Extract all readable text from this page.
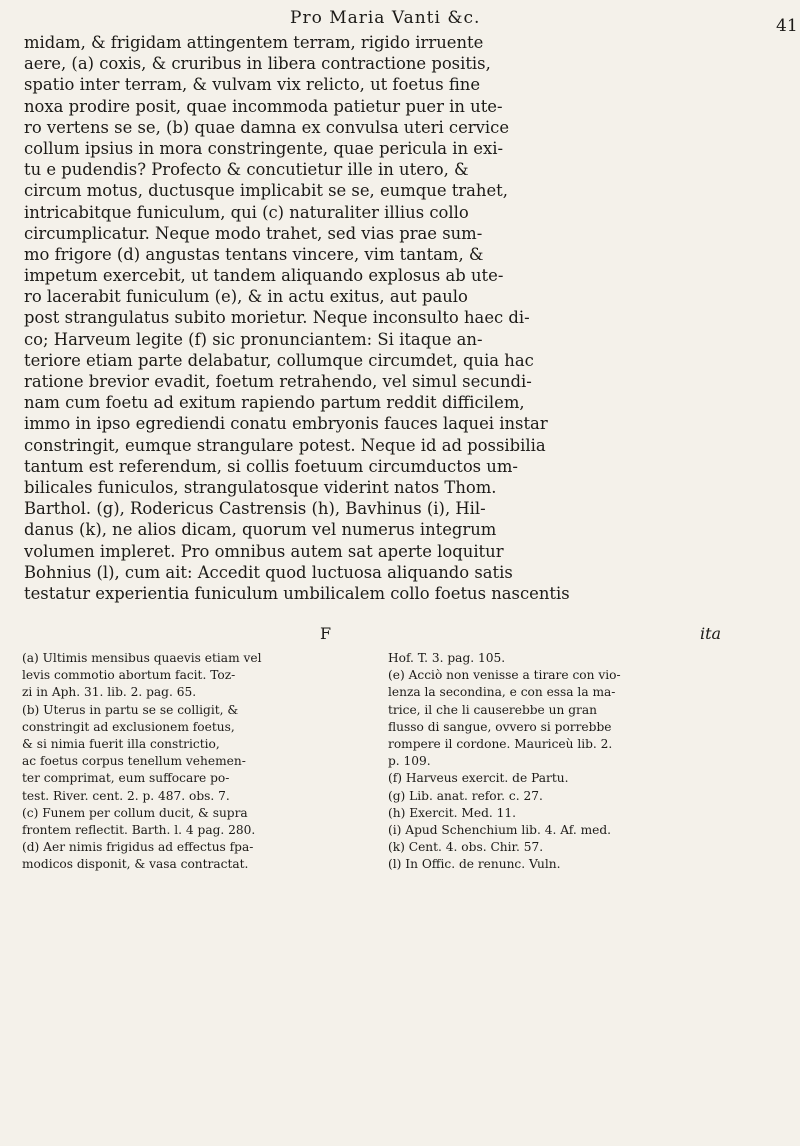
Pro Maria Vanti &c.	41
midam, & frigidam attingentem terram, rigido irruente
aere, (a) coxis, & cruribus in libera contractione positis,
spatio inter terram, & vulvam vix relicto, ut foetus fine
noxa prodire posit, quae incommoda patietur puer in ute-
ro vertens se se, (b) quae damna ex convulsa uteri cervice
collum ipsius in mora constringente, quae pericula in exi-
tu e pudendis? Profecto & concutietur ille in utero, &
circum motus, ductusque implicabit se se, eumque trahet,
intricabitque funiculum, qui (c) naturaliter illius collo
circumplicatur. Neque modo trahet, sed vias prae sum-
mo frigore (d) angustas tentans vincere, vim tantam, &
impetum exercebit, ut tandem aliquando explosus ab ute-
ro lacerabit funiculum (e), & in actu exitus, aut paulo
post strangulatus subito morietur. Neque inconsulto haec di-
co; Harveum legite (f) sic pronunciantem: Si itaque an-
teriore etiam parte delabatur, collumque circumdet, quia hac
ratione brevior evadit, foetum retrahendo, vel simul secundi-
nam cum foetu ad exitum rapiendo partum reddit difficilem,
immo in ipso egrediendi conatu embryonis fauces laquei instar
constringit, eumque strangulare potest. Neque id ad possibilia
tantum est referendum, si collis foetuum circumductos um-
bilicales funiculos, strangulatosque viderint natos Thom.
Barthol. (g), Rodericus Castrensis (h), Bavhinus (i), Hil-
danus (k), ne alios dicam, quorum vel numerus integrum
volumen impleret. Pro omnibus autem sat aperte loquitur
Bohnius (l), cum ait: Accedit quod luctuosa aliquando satis
testatur experientia funiculum umbilicalem collo foetus nascentis
F	ita
(a) Ultimis mensibus quaevis etiam vel
levis commotio abortum facit. Toz-
zi in Aph. 31. lib. 2. pag. 65.
(b) Uterus in partu se se colligit, &
constringit ad exclusionem foetus,
& si nimia fuerit illa constrictio,
ac foetus corpus tenellum vehemen-
ter comprimat, eum suffocare po-
test. River. cent. 2. p. 487. obs. 7.
(c) Funem per collum ducit, & supra
frontem reflectit. Barth. l. 4 pag. 280.
(d) Aer nimis frigidus ad effectus fpa-
modicos disponit, & vasa contractat.
Hof. T. 3. pag. 105.
(e) Acciò non venisse a tirare con vio-
lenza la secondina, e con essa la ma-
trice, il che li causerebbe un gran
flusso di sangue, ovvero si porrebbe
rompere il cordone. Mauriceù lib. 2.
p. 109.
(f) Harveus exercit. de Partu.
(g) Lib. anat. refor. c. 27.
(h) Exercit. Med. 11.
(i) Apud Schenchium lib. 4. Af. med.
(k) Cent. 4. obs. Chir. 57.
(l) In Offic. de renunc. Vuln.
